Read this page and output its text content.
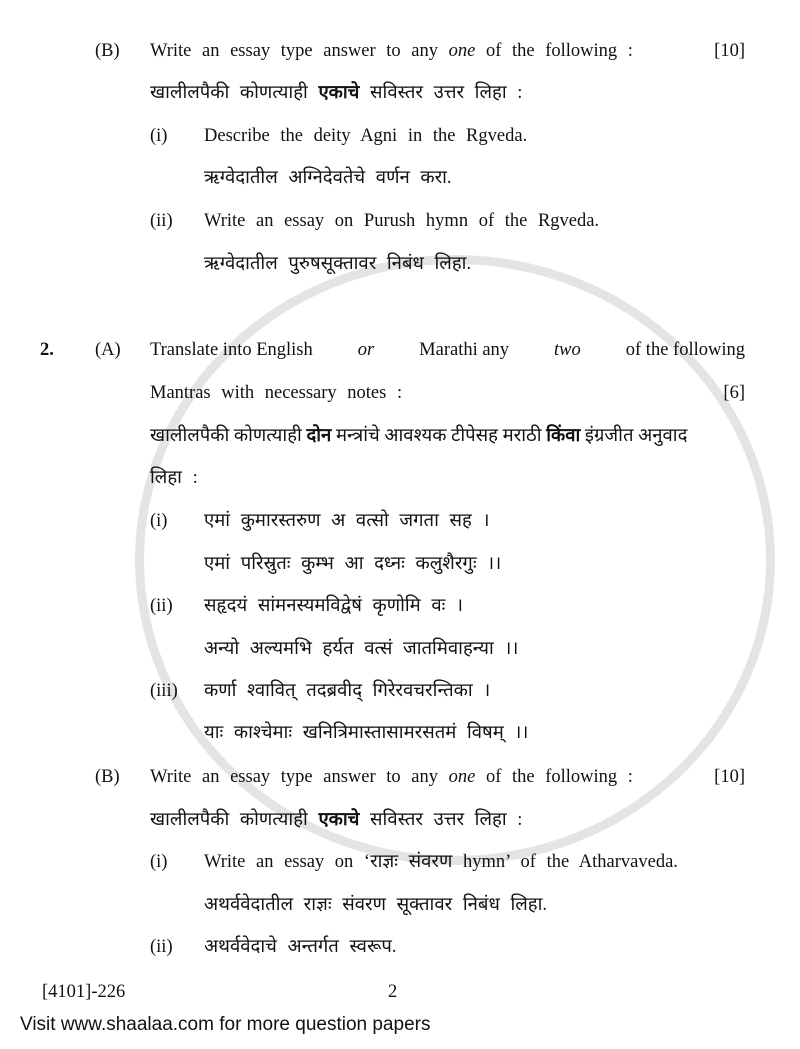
(B) Write an essay type answer to any one of the following :	[10]
खालीलपैकी कोणत्याही एकाचे सविस्तर उत्तर लिहा :
(i) Describe the deity Agni in the Rgveda.
ऋग्वेदातील अग्निदेवतेचे वर्णन करा.
(ii) Write an essay on Purush hymn of the Rgveda.
ऋग्वेदातील पुरुषसूक्तावर निबंध लिहा.
2. (A) Translate into English or Marathi any two of the following
Mantras with necessary notes :	[6]
खालीलपैकी कोणत्याही दोन मन्त्रांचे आवश्यक टीपेसह मराठी किंवा इंग्रजीत अनुवाद
लिहा :
(i) एमां कुमारस्तरुण अ वत्सो जगता सह ।
एमां परिस्रुतः कुम्भ आ दध्नः कलुशैरगुः ।।
(ii) सहृदयं सांमनस्यमविद्वेषं कृणोमि वः ।
अन्यो अल्यमभि हर्यत वत्सं जातमिवाहन्या ।।
(iii) कर्णा श्वावित् तदब्रवीद् गिरेरवचरन्तिका ।
याः काश्चेमाः खनित्रिमास्तासामरसतमं विषम् ।।
(B) Write an essay type answer to any one of the following :	[10]
खालीलपैकी कोणत्याही एकाचे सविस्तर उत्तर लिहा :
(i) Write an essay on ‘राज्ञः संवरण hymn’ of the Atharvaveda.
अथर्ववेदातील राज्ञः संवरण सूक्तावर निबंध लिहा.
(ii) अथर्ववेदाचे अन्तर्गत स्वरूप.
[4101]-226	2
Visit www.shaalaa.com for more question papers
